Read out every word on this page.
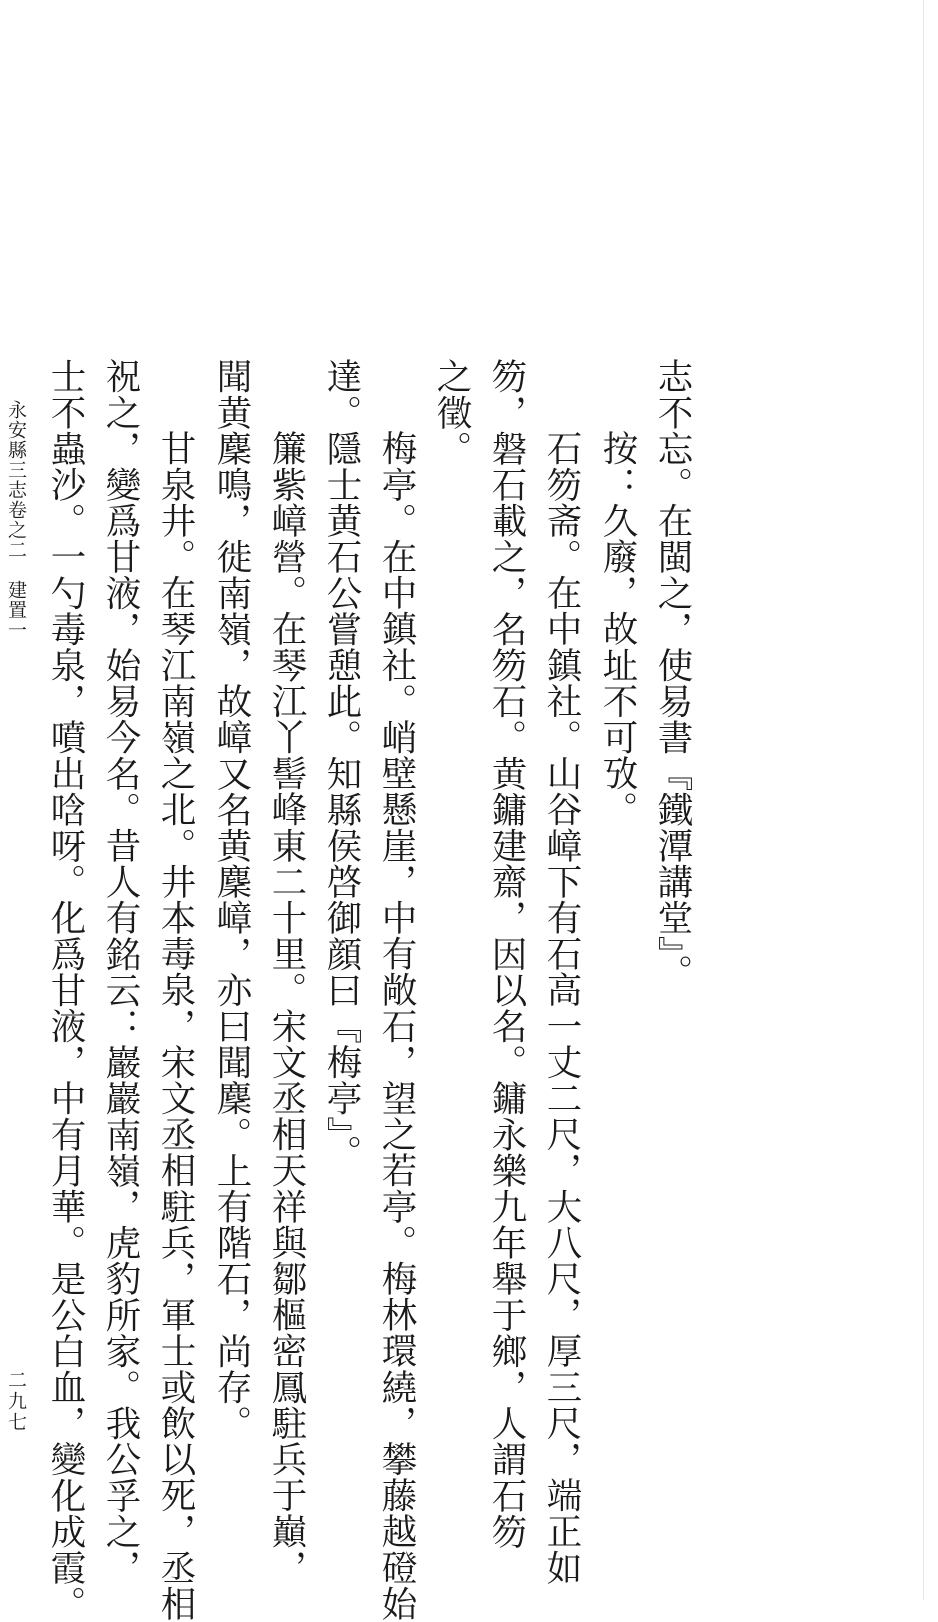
志不忘。在閩之，使易書『鐵潭講堂』。
按：久廢，故址不可攷。
石笏斋。在中鎮社。山谷嶂下有石高一丈二尺，大八尺，厚三尺，端正如
笏，磐石載之，名笏石。黄鏞建齋，因以名。鏞永樂九年舉于鄉，人謂石笏
之徵。
梅亭。在中鎮社。峭壁懸崖，中有敞石，望之若亭。梅林環繞，攀藤越磴始
達。隱士黄石公嘗憩此。知縣侯啓御顔曰『梅亭』。
簾紫嶂營。在琴江丫髻峰東二十里。宋文丞相天祥與鄒樞密鳳駐兵于巔，
聞黄麇鳴，徙南嶺，故嶂又名黄麇嶂，亦曰聞麇。上有階石，尚存。
甘泉井。在琴江南嶺之北。井本毒泉，宋文丞相駐兵，軍士或飲以死，丞相
永安縣三志卷之二建置一
二九七 祝之，變爲甘液，始易今名。昔人有銘云：巖巖南嶺，虎豹所家。我公孚之，
士不蟲沙。一勺毒泉，噴出唅呀。化爲甘液，中有月華。是公白血，變化成霞。
